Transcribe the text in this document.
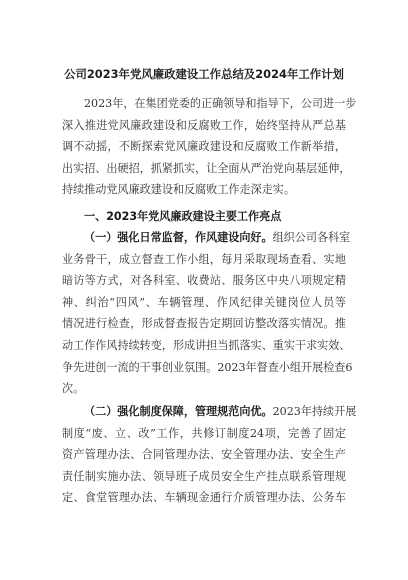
公司2023年党风廉政建设工作总结及2024年工作计划
2023年，在集团党委的正确领导和指导下，公司进一步
深入推进党风廉政建设和反腐败工作，始终坚持从严总基
调不动摇，不断探索党风廉政建设和反腐败工作新举措，
出实招、出硬招，抓紧抓实，让全面从严治党向基层延伸，
持续推动党风廉政建设和反腐败工作走深走实。
一、2023年党风廉政建设主要工作亮点
（一）强化日常监督，作风建设向好。组织公司各科室
业务骨干，成立督查工作小组，每月采取现场查看、实地
暗访等方式，对各科室、收费站、服务区中央八项规定精
神、纠治“四风”、车辆管理、作风纪律关键岗位人员等
情况进行检查，形成督查报告定期回访整改落实情况。推
动工作作风持续转变，形成讲担当抓落实、重实干求实效、
争先进创一流的干事创业氛围。2023年督查小组开展检查6
次。
（二）强化制度保障，管理规范向优。2023年持续开展
制度“废、立、改”工作，共修订制度24项，完善了固定
资产管理办法、合同管理办法、安全管理办法、安全生产
责任制实施办法、领导班子成员安全生产挂点联系管理规
定、食堂管理办法、车辆现金通行介质管理办法、公务车
